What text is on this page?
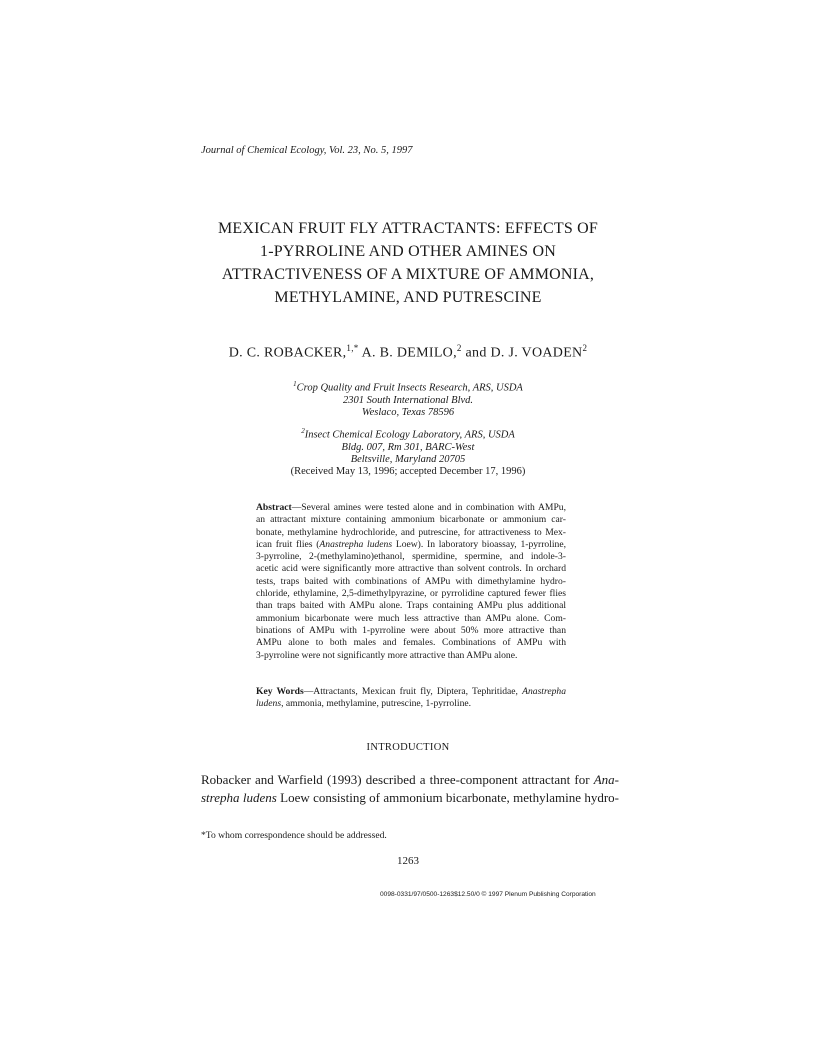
Journal of Chemical Ecology, Vol. 23, No. 5, 1997
MEXICAN FRUIT FLY ATTRACTANTS: EFFECTS OF
1-PYRROLINE AND OTHER AMINES ON
ATTRACTIVENESS OF A MIXTURE OF AMMONIA,
METHYLAMINE, AND PUTRESCINE
D. C. ROBACKER,$^{1,*}$ A. B. DEMILO,$^2$ and D. J. VOADEN$^2$
$^1$Crop Quality and Fruit Insects Research, ARS, USDA
2301 South International Blvd.
Weslaco, Texas 78596
$^2$Insect Chemical Ecology Laboratory, ARS, USDA
Bldg. 007, Rm 301, BARC-West
Beltsville, Maryland 20705
(Received May 13, 1996; accepted December 17, 1996)
Abstract—Several amines were tested alone and in combination with AMPu,
an attractant mixture containing ammonium bicarbonate or ammonium car-
bonate, methylamine hydrochloride, and putrescine, for attractiveness to Mex-
ican fruit flies (Anastrepha ludens Loew). In laboratory bioassay, 1-pyrroline,
3-pyrroline, 2-(methylamino)ethanol, spermidine, spermine, and indole-3-
acetic acid were significantly more attractive than solvent controls. In orchard
tests, traps baited with combinations of AMPu with dimethylamine hydro-
chloride, ethylamine, 2,5-dimethylpyrazine, or pyrrolidine captured fewer flies
than traps baited with AMPu alone. Traps containing AMPu plus additional
ammonium bicarbonate were much less attractive than AMPu alone. Com-
binations of AMPu with 1-pyrroline were about 50% more attractive than
AMPu alone to both males and females. Combinations of AMPu with
3-pyrroline were not significantly more attractive than AMPu alone.
Key Words—Attractants, Mexican fruit fly, Diptera, Tephritidae, Anastrepha
ludens, ammonia, methylamine, putrescine, 1-pyrroline.
INTRODUCTION
Robacker and Warfield (1993) described a three-component attractant for Ana-
strepha ludens Loew consisting of ammonium bicarbonate, methylamine hydro-
*To whom correspondence should be addressed.
1263
0098-0331/97/0500-1263$12.50/0 © 1997 Plenum Publishing Corporation
